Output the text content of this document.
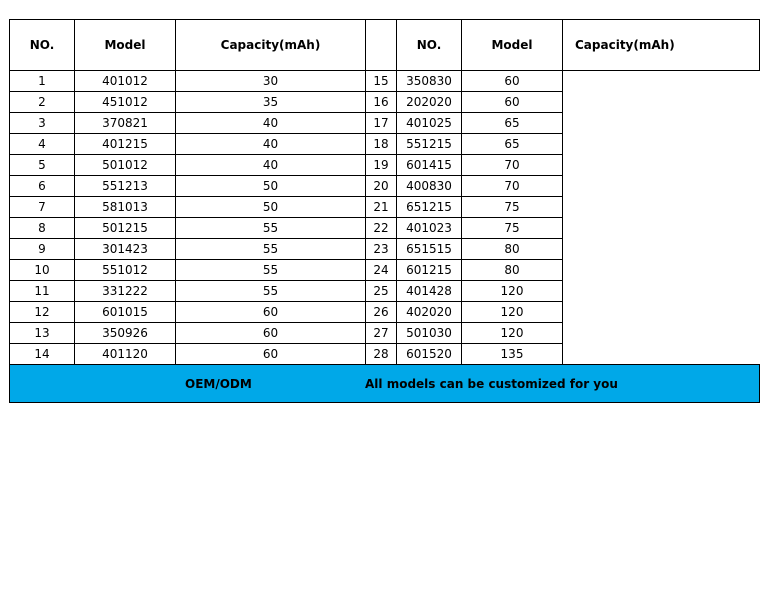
NO.	Model	Capacity(mAh)		NO.	Model	Capacity(mAh)
1	401012	30	15	350830	60	
2	451012	35	16	202020	60	
3	370821	40	17	401025	65	
4	401215	40	18	551215	65	
5	501012	40	19	601415	70	
6	551213	50	20	400830	70	
7	581013	50	21	651215	75	
8	501215	55	22	401023	75	
9	301423	55	23	651515	80	
10	551012	55	24	601215	80	
11	331222	55	25	401428	120	
12	601015	60	26	402020	120	
13	350926	60	27	501030	120	
14	401120	60	28	601520	135	

OEM/ODM All models can be customized for you						
